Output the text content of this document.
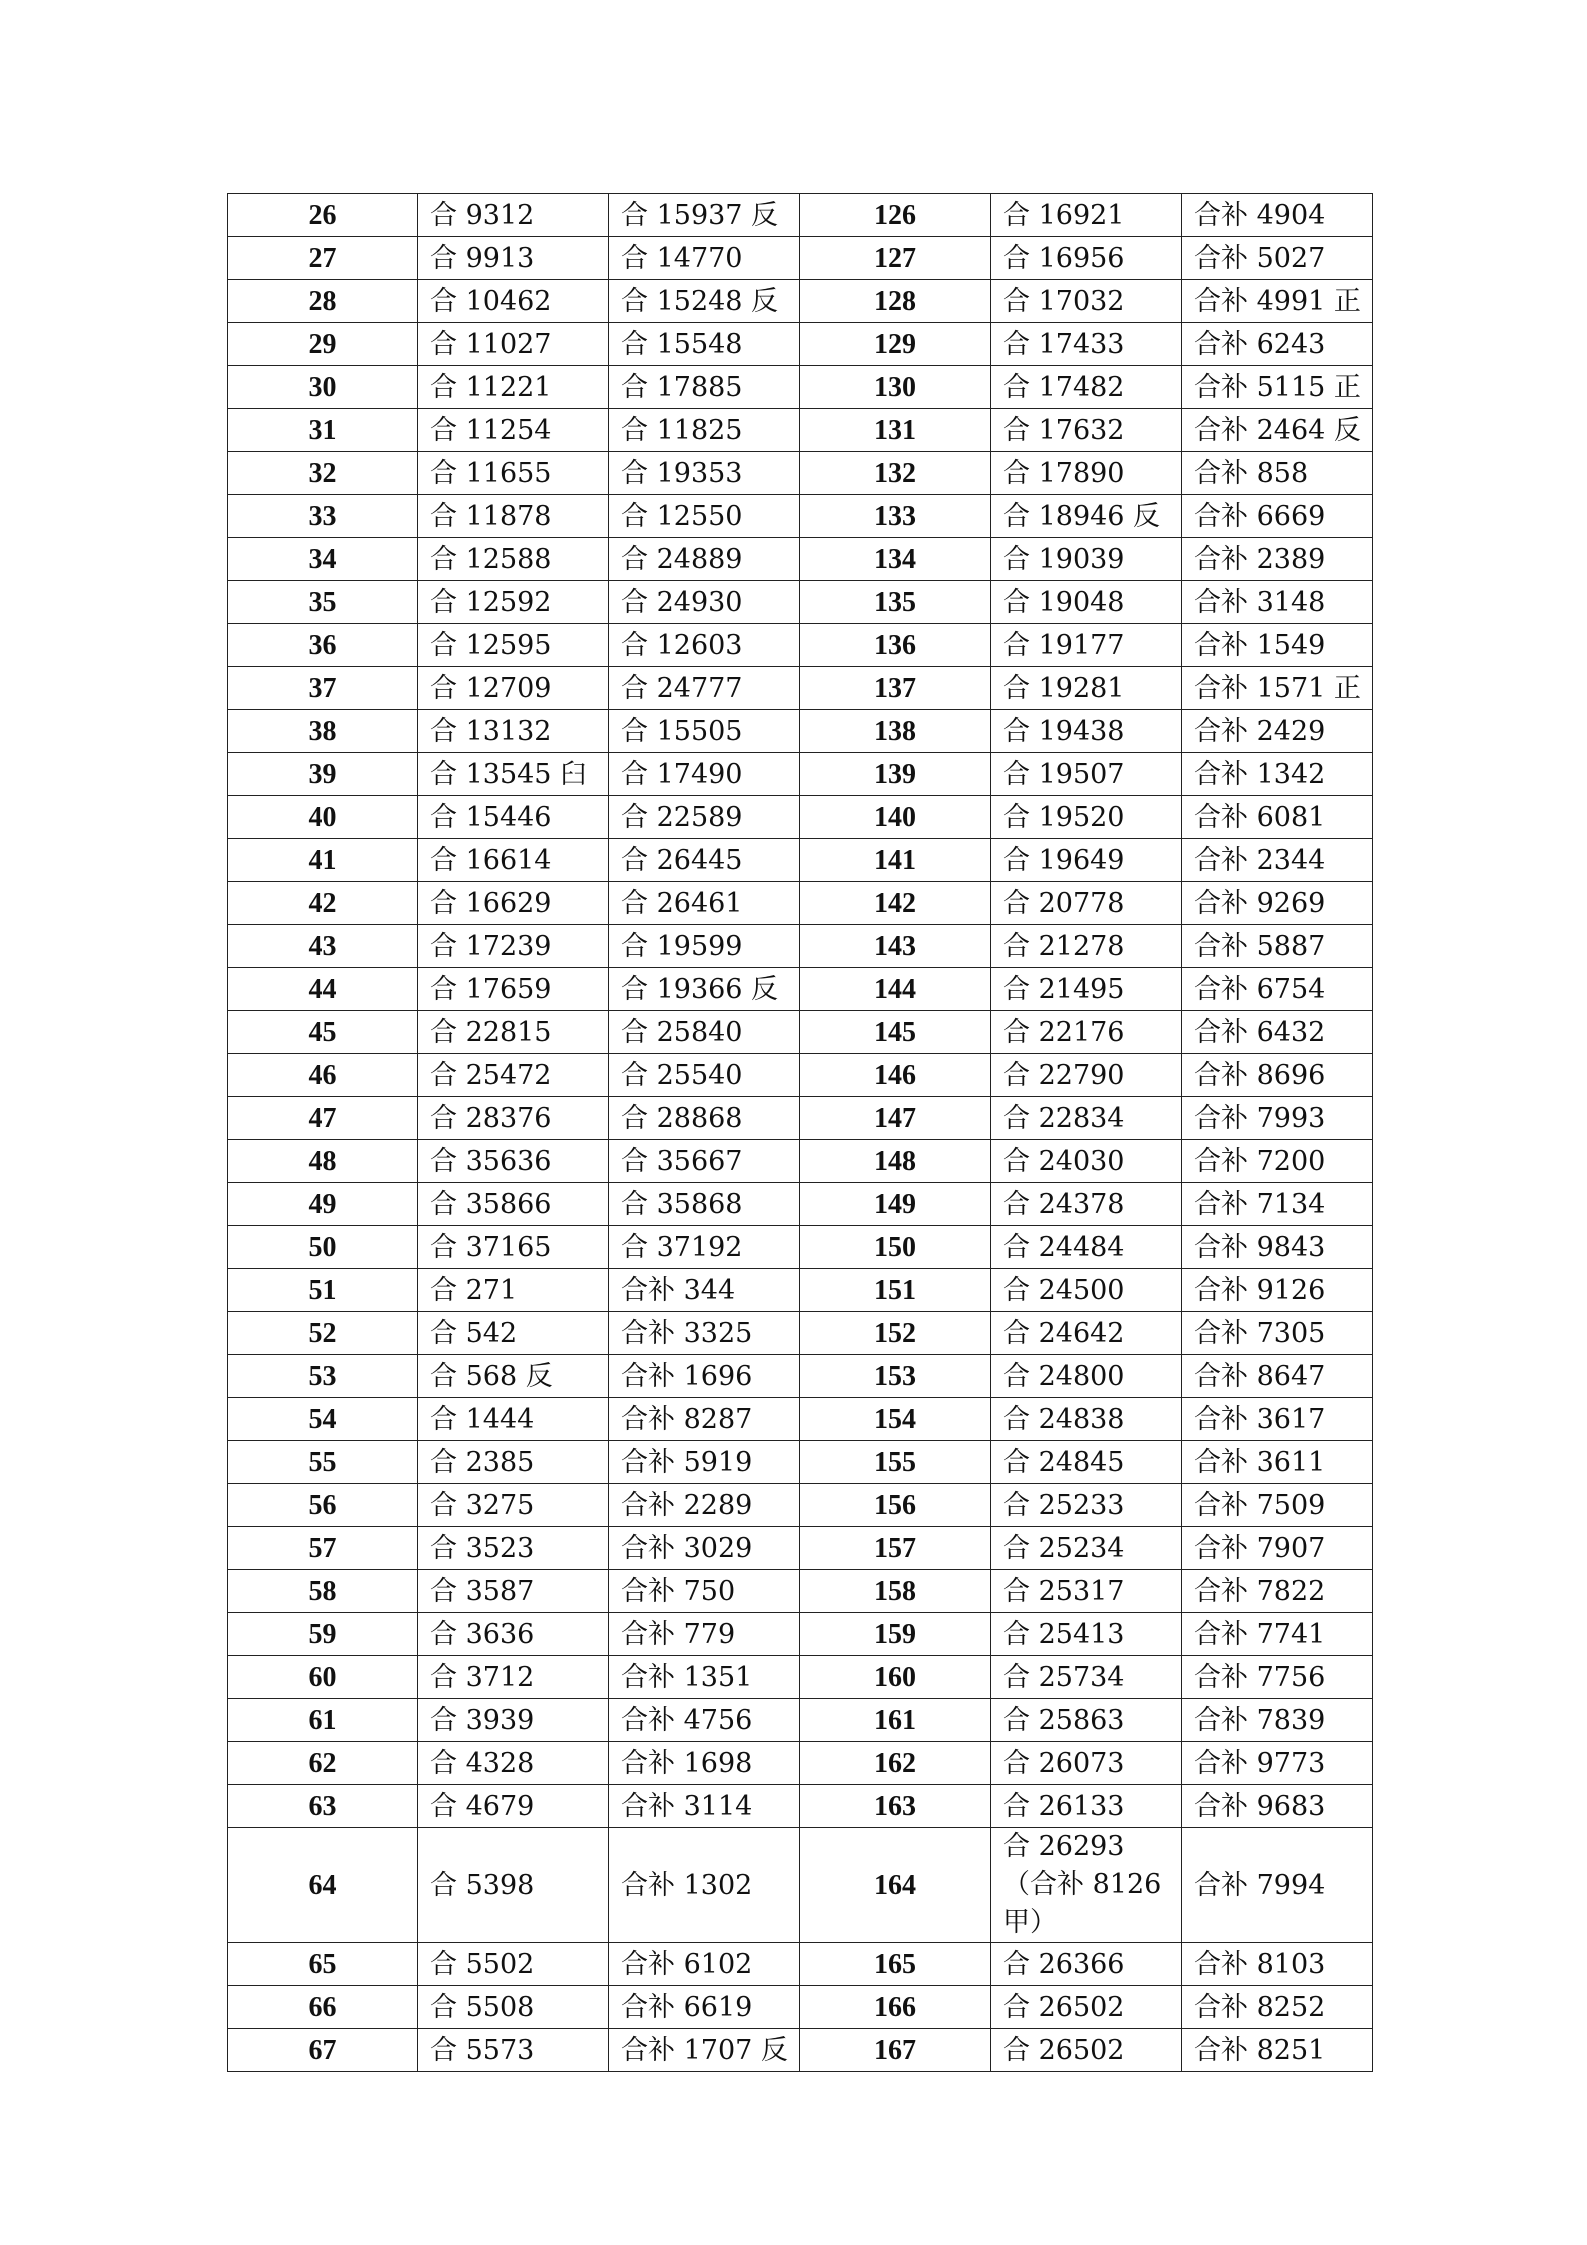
26	合 9312	合 15937 反	126	合 16921	合补 4904
27	合 9913	合 14770	127	合 16956	合补 5027
28	合 10462	合 15248 反	128	合 17032	合补 4991 正
29	合 11027	合 15548	129	合 17433	合补 6243
30	合 11221	合 17885	130	合 17482	合补 5115 正
31	合 11254	合 11825	131	合 17632	合补 2464 反
32	合 11655	合 19353	132	合 17890	合补 858
33	合 11878	合 12550	133	合 18946 反	合补 6669
34	合 12588	合 24889	134	合 19039	合补 2389
35	合 12592	合 24930	135	合 19048	合补 3148
36	合 12595	合 12603	136	合 19177	合补 1549
37	合 12709	合 24777	137	合 19281	合补 1571 正
38	合 13132	合 15505	138	合 19438	合补 2429
39	合 13545 臼	合 17490	139	合 19507	合补 1342
40	合 15446	合 22589	140	合 19520	合补 6081
41	合 16614	合 26445	141	合 19649	合补 2344
42	合 16629	合 26461	142	合 20778	合补 9269
43	合 17239	合 19599	143	合 21278	合补 5887
44	合 17659	合 19366 反	144	合 21495	合补 6754
45	合 22815	合 25840	145	合 22176	合补 6432
46	合 25472	合 25540	146	合 22790	合补 8696
47	合 28376	合 28868	147	合 22834	合补 7993
48	合 35636	合 35667	148	合 24030	合补 7200
49	合 35866	合 35868	149	合 24378	合补 7134
50	合 37165	合 37192	150	合 24484	合补 9843
51	合 271	合补 344	151	合 24500	合补 9126
52	合 542	合补 3325	152	合 24642	合补 7305
53	合 568 反	合补 1696	153	合 24800	合补 8647
54	合 1444	合补 8287	154	合 24838	合补 3617
55	合 2385	合补 5919	155	合 24845	合补 3611
56	合 3275	合补 2289	156	合 25233	合补 7509
57	合 3523	合补 3029	157	合 25234	合补 7907
58	合 3587	合补 750	158	合 25317	合补 7822
59	合 3636	合补 779	159	合 25413	合补 7741
60	合 3712	合补 1351	160	合 25734	合补 7756
61	合 3939	合补 4756	161	合 25863	合补 7839
62	合 4328	合补 1698	162	合 26073	合补 9773
63	合 4679	合补 3114	163	合 26133	合补 9683
64	合 5398	合补 1302	164	合 26293（合补 8126 甲）	合补 7994
65	合 5502	合补 6102	165	合 26366	合补 8103
66	合 5508	合补 6619	166	合 26502	合补 8252
67	合 5573	合补 1707 反	167	合 26502	合补 8251
